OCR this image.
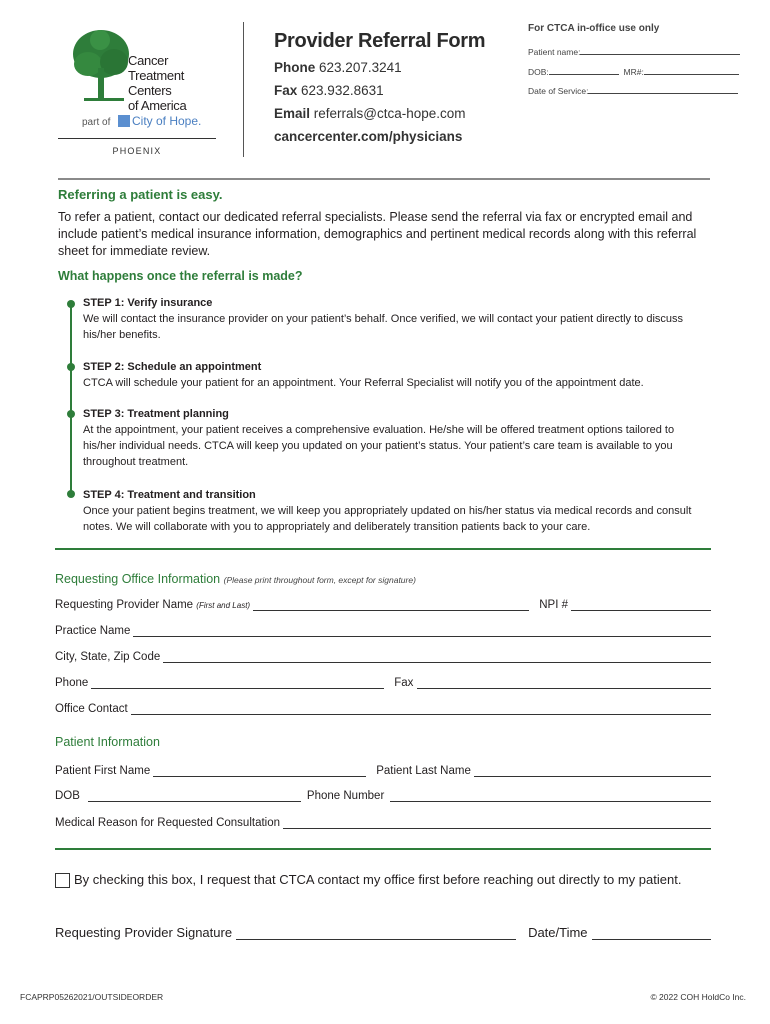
Cancer
Treatment
Centers
of America
part of	City of Hope.
PHOENIX
Provider Referral Form
Phone 623.207.3241
Fax 623.932.8631
Email referrals@ctca-hope.com
cancercenter.com/physicians
For CTCA in-office use only
Patient name:
DOB:	MR#:
Date of Service:
Referring a patient is easy.
To refer a patient, contact our dedicated referral specialists. Please send the referral via fax or encrypted email and include patient’s medical insurance information, demographics and pertinent medical records along with this referral sheet for immediate review.
What happens once the referral is made?
STEP 1: Verify insurance
We will contact the insurance provider on your patient’s behalf. Once verified, we will contact your patient directly to discuss his/her benefits.
STEP 2: Schedule an appointment
CTCA will schedule your patient for an appointment. Your Referral Specialist will notify you of the appointment date.
STEP 3: Treatment planning
At the appointment, your patient receives a comprehensive evaluation. He/she will be offered treatment options tailored to his/her individual needs. CTCA will keep you updated on your patient’s status. Your patient’s care team is available to you throughout treatment.
STEP 4: Treatment and transition
Once your patient begins treatment, we will keep you appropriately updated on his/her status via medical records and consult notes. We will collaborate with you to appropriately and deliberately transition patients back to your care.
Requesting Office Information (Please print throughout form, except for signature)
Requesting Provider Name (First and Last)	NPI #
Practice Name
City, State, Zip Code
Phone	Fax
Office Contact
Patient Information
Patient First Name	Patient Last Name
DOB	Phone Number
Medical Reason for Requested Consultation
By checking this box, I request that CTCA contact my office first before reaching out directly to my patient.
Requesting Provider Signature	Date/Time
FCAPRP05262021/OUTSIDEORDER	© 2022 COH HoldCo Inc.
